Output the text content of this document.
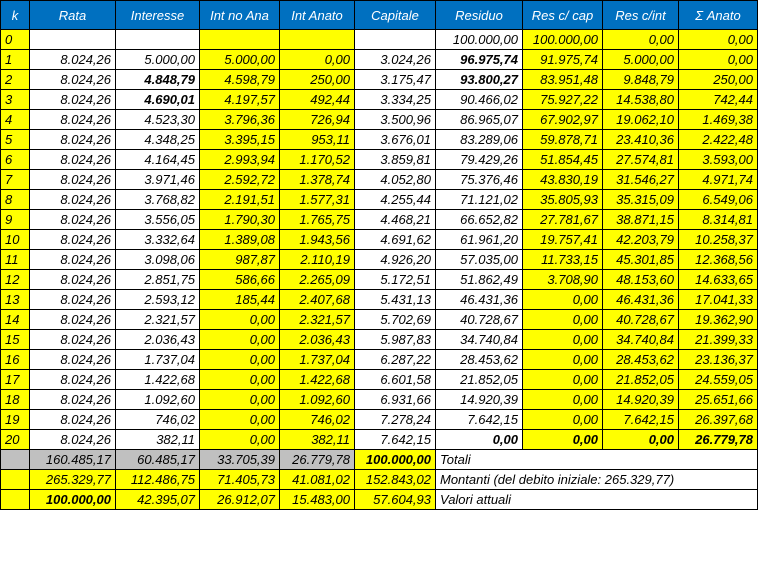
k	Rata	Interesse	Int no Ana	Int Anato	Capitale	Residuo	Res c/ cap	Res c/int	Σ Anato
0						100.000,00	100.000,00	0,00	0,00
1	8.024,26	5.000,00	5.000,00	0,00	3.024,26	96.975,74	91.975,74	5.000,00	0,00
2	8.024,26	4.848,79	4.598,79	250,00	3.175,47	93.800,27	83.951,48	9.848,79	250,00
3	8.024,26	4.690,01	4.197,57	492,44	3.334,25	90.466,02	75.927,22	14.538,80	742,44
4	8.024,26	4.523,30	3.796,36	726,94	3.500,96	86.965,07	67.902,97	19.062,10	1.469,38
5	8.024,26	4.348,25	3.395,15	953,11	3.676,01	83.289,06	59.878,71	23.410,36	2.422,48
6	8.024,26	4.164,45	2.993,94	1.170,52	3.859,81	79.429,26	51.854,45	27.574,81	3.593,00
7	8.024,26	3.971,46	2.592,72	1.378,74	4.052,80	75.376,46	43.830,19	31.546,27	4.971,74
8	8.024,26	3.768,82	2.191,51	1.577,31	4.255,44	71.121,02	35.805,93	35.315,09	6.549,06
9	8.024,26	3.556,05	1.790,30	1.765,75	4.468,21	66.652,82	27.781,67	38.871,15	8.314,81
10	8.024,26	3.332,64	1.389,08	1.943,56	4.691,62	61.961,20	19.757,41	42.203,79	10.258,37
11	8.024,26	3.098,06	987,87	2.110,19	4.926,20	57.035,00	11.733,15	45.301,85	12.368,56
12	8.024,26	2.851,75	586,66	2.265,09	5.172,51	51.862,49	3.708,90	48.153,60	14.633,65
13	8.024,26	2.593,12	185,44	2.407,68	5.431,13	46.431,36	0,00	46.431,36	17.041,33
14	8.024,26	2.321,57	0,00	2.321,57	5.702,69	40.728,67	0,00	40.728,67	19.362,90
15	8.024,26	2.036,43	0,00	2.036,43	5.987,83	34.740,84	0,00	34.740,84	21.399,33
16	8.024,26	1.737,04	0,00	1.737,04	6.287,22	28.453,62	0,00	28.453,62	23.136,37
17	8.024,26	1.422,68	0,00	1.422,68	6.601,58	21.852,05	0,00	21.852,05	24.559,05
18	8.024,26	1.092,60	0,00	1.092,60	6.931,66	14.920,39	0,00	14.920,39	25.651,66
19	8.024,26	746,02	0,00	746,02	7.278,24	7.642,15	0,00	7.642,15	26.397,68
20	8.024,26	382,11	0,00	382,11	7.642,15	0,00	0,00	0,00	26.779,78
	160.485,17	60.485,17	33.705,39	26.779,78	100.000,00	Totali			
	265.329,77	112.486,75	71.405,73	41.081,02	152.843,02	Montanti (del debito iniziale: 265.329,77)			
	100.000,00	42.395,07	26.912,07	15.483,00	57.604,93	Valori attuali			
